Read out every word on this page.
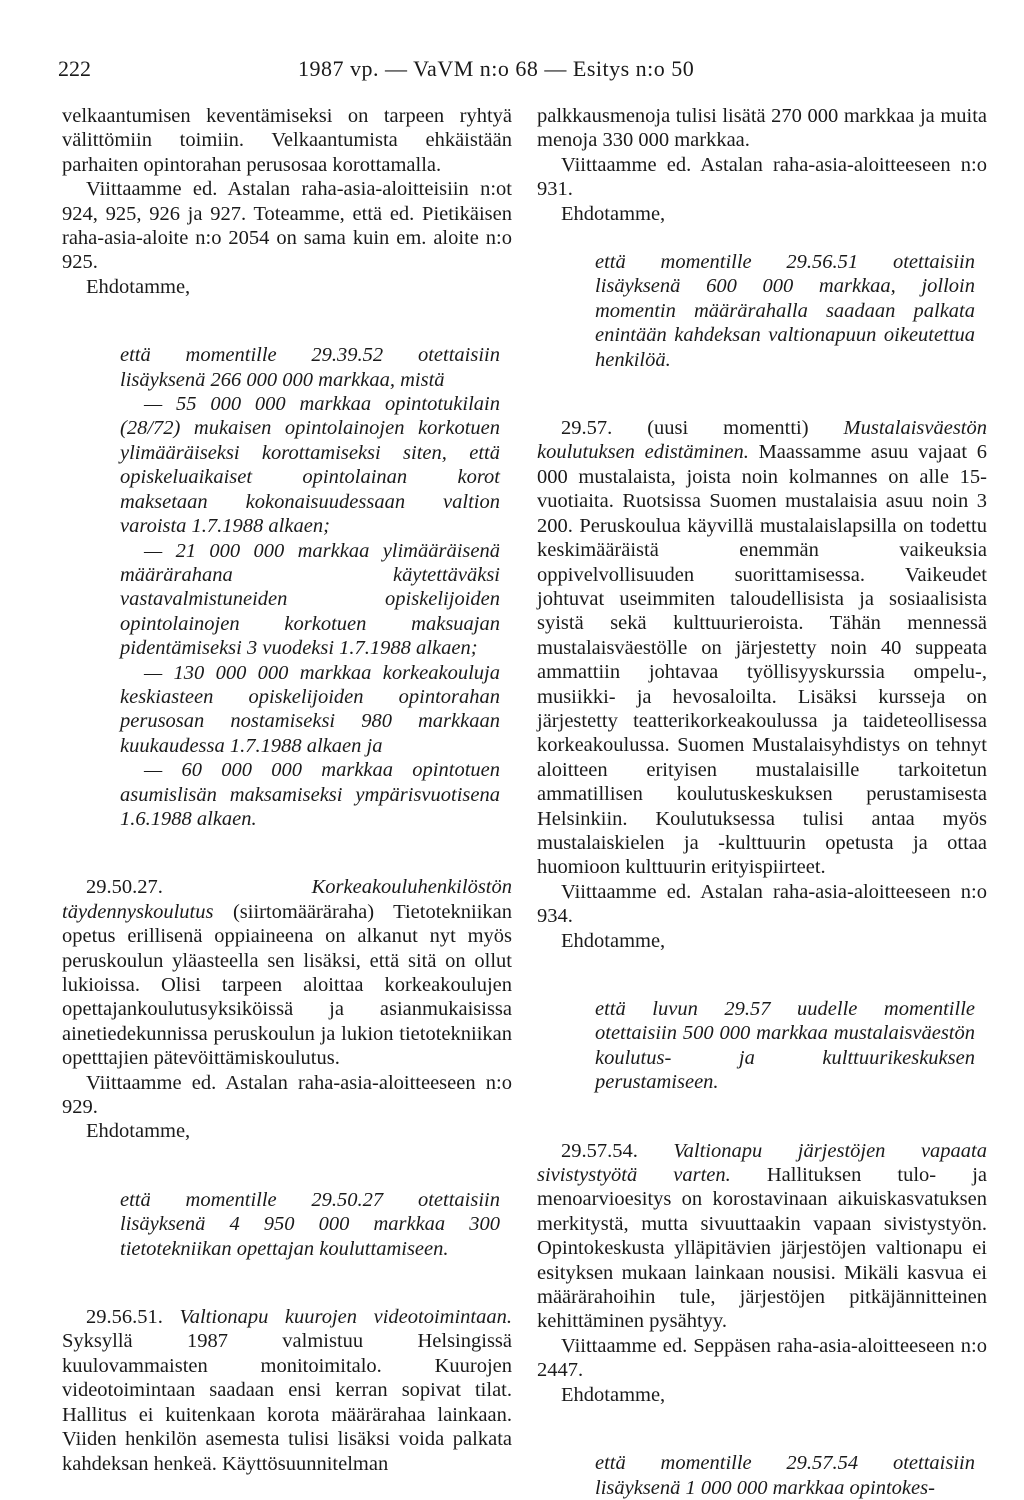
222	1987 vp. — VaVM n:o 68 — Esitys n:o 50

velkaantumisen keventämiseksi on tarpeen ryhtyä välittömiin toimiin. Velkaantumista ehkäistään parhaiten opintorahan perusosaa korottamalla.

Viittaamme ed. Astalan raha-asia-aloitteisiin n:ot 924, 925, 926 ja 927. Toteamme, että ed. Pietikäisen raha-asia-aloite n:o 2054 on sama kuin em. aloite n:o 925.

Ehdotamme,

että momentille 29.39.52 otettaisiin lisäyksenä 266 000 000 markkaa, mistä

— 55 000 000 markkaa opintotukilain (28/72) mukaisen opintolainojen korkotuen ylimääräiseksi korottamiseksi siten, että opiskeluaikaiset opintolainan korot maksetaan kokonaisuudessaan valtion varoista 1.7.1988 alkaen;

— 21 000 000 markkaa ylimääräisenä määrärahana käytettäväksi vastavalmistuneiden opiskelijoiden opintolainojen korkotuen maksuajan pidentämiseksi 3 vuodeksi 1.7.1988 alkaen;

— 130 000 000 markkaa korkeakouluja keskiasteen opiskelijoiden opintorahan perusosan nostamiseksi 980 markkaan kuukaudessa 1.7.1988 alkaen ja

— 60 000 000 markkaa opintotuen asumislisän maksamiseksi ympärisvuotisena 1.6.1988 alkaen.

29.50.27.	Korkeakouluhenkilöstön täydennyskoulutus (siirtomääräraha) Tietotekniikan opetus erillisenä oppiaineena on alkanut nyt myös peruskoulun yläasteella sen lisäksi, että sitä on ollut lukioissa. Olisi tarpeen aloittaa korkeakoulujen opettajankoulutusyksiköissä ja asianmukaisissa ainetiedekunnissa peruskoulun ja lukion tietotekniikan opetttajien pätevöittämiskoulutus.

Viittaamme ed. Astalan raha-asia-aloitteeseen n:o 929.

Ehdotamme,

että momentille 29.50.27 otettaisiin lisäyksenä 4 950 000 markkaa 300 tietotekniikan opettajan kouluttamiseen.

29.56.51. Valtionapu kuurojen videotoimintaan. Syksyllä 1987 valmistuu Helsingissä kuulovammaisten monitoimitalo. Kuurojen videotoimintaan saadaan ensi kerran sopivat tilat. Hallitus ei kuitenkaan korota määrärahaa lainkaan. Viiden henkilön asemesta tulisi lisäksi voida palkata kahdeksan henkeä. Käyttösuunnitelman

palkkausmenoja tulisi lisätä 270 000 markkaa ja muita menoja 330 000 markkaa.

Viittaamme ed. Astalan raha-asia-aloitteeseen n:o 931.

Ehdotamme,

että momentille 29.56.51 otettaisiin lisäyksenä 600 000 markkaa, jolloin momentin määrärahalla saadaan palkata enintään kahdeksan valtionapuun oikeutettua henkilöä.

29.57. (uusi momentti) Mustalaisväestön koulutuksen edistäminen. Maassamme asuu vajaat 6 000 mustalaista, joista noin kolmannes on alle 15-vuotiaita. Ruotsissa Suomen mustalaisia asuu noin 3 200. Peruskoulua käyvillä mustalaislapsilla on todettu keskimääräistä enemmän vaikeuksia oppivelvollisuuden suorittamisessa. Vaikeudet johtuvat useimmiten taloudellisista ja sosiaalisista syistä sekä kulttuurieroista. Tähän mennessä mustalaisväestölle on järjestetty noin 40 suppeata ammattiin johtavaa työllisyyskurssia ompelu-, musiikki- ja hevosaloilta. Lisäksi kursseja on järjestetty teatterikorkeakoulussa ja taideteollisessa korkeakoulussa. Suomen Mustalaisyhdistys on tehnyt aloitteen erityisen mustalaisille tarkoitetun ammatillisen koulutuskeskuksen perustamisesta Helsinkiin. Koulutuksessa tulisi antaa myös mustalaiskielen ja -kulttuurin opetusta ja ottaa huomioon kulttuurin erityispiirteet.

Viittaamme ed. Astalan raha-asia-aloitteeseen n:o 934.

Ehdotamme,

että luvun 29.57 uudelle momentille otettaisiin 500 000 markkaa mustalaisväestön koulutus- ja kulttuurikeskuksen perustamiseen.

29.57.54. Valtionapu järjestöjen vapaata sivistystyötä varten. Hallituksen tulo- ja menoarvioesitys on korostavinaan aikuiskasvatuksen merkitystä, mutta sivuuttaakin vapaan sivistystyön. Opintokeskusta ylläpitävien järjestöjen valtionapu ei esityksen mukaan lainkaan nousisi. Mikäli kasvua ei määrärahoihin tule, järjestöjen pitkäjännitteinen kehittäminen pysähtyy.

Viittaamme ed. Seppäsen raha-asia-aloitteeseen n:o 2447.

Ehdotamme,

että momentille 29.57.54 otettaisiin lisäyksenä 1 000 000 markkaa opintokes-
